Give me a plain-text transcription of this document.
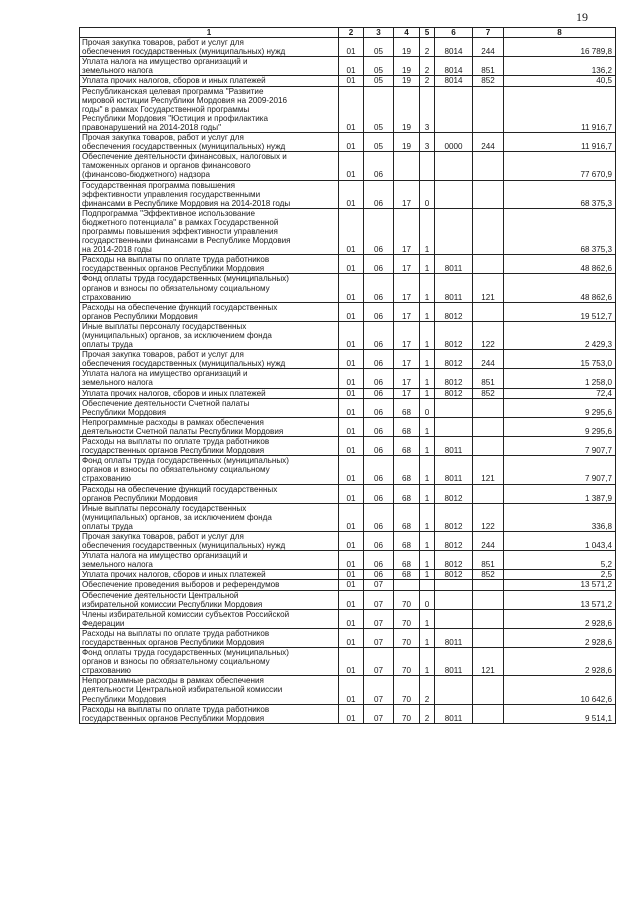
19
1	2	3	4	5	6	7	8
Прочая закупка товаров, работ и услуг для
обеспечения государственных (муниципальных) нужд	01	05	19	2	8014	244	16 789,8
Уплата налога на имущество организаций и
земельного налога	01	05	19	2	8014	851	136,2
Уплата прочих налогов, сборов и иных платежей	01	05	19	2	8014	852	40,5
Республиканская целевая программа "Развитие
мировой юстиции Республики Мордовия на 2009-2016
годы" в рамках Государственной программы
Республики Мордовия "Юстиция и профилактика
правонарушений на 2014-2018 годы"	01	05	19	3			11 916,7
Прочая закупка товаров, работ и услуг для
обеспечения государственных (муниципальных) нужд	01	05	19	3	0000	244	11 916,7
Обеспечение деятельности финансовых, налоговых и
таможенных органов и органов финансового
(финансово-бюджетного) надзора	01	06					77 670,9
Государственная программа повышения
эффективности управления государственными
финансами в Республике Мордовия на 2014-2018 годы	01	06	17	0			68 375,3
Подпрограмма "Эффективное использование
бюджетного потенциала" в рамках Государственной
программы повышения эффективности управления
государственными финансами в Республике Мордовия
на 2014-2018 годы	01	06	17	1			68 375,3
Расходы на выплаты по оплате труда работников
государственных органов Республики Мордовия	01	06	17	1	8011		48 862,6
Фонд оплаты труда государственных (муниципальных)
органов и взносы по обязательному социальному
страхованию	01	06	17	1	8011	121	48 862,6
Расходы на обеспечение функций государственных
органов Республики Мордовия	01	06	17	1	8012		19 512,7
Иные выплаты персоналу государственных
(муниципальных) органов, за исключением фонда
оплаты труда	01	06	17	1	8012	122	2 429,3
Прочая закупка товаров, работ и услуг для
обеспечения государственных (муниципальных) нужд	01	06	17	1	8012	244	15 753,0
Уплата налога на имущество организаций и
земельного налога	01	06	17	1	8012	851	1 258,0
Уплата прочих налогов, сборов и иных платежей	01	06	17	1	8012	852	72,4
Обеспечение деятельности Счетной палаты
Республики Мордовия	01	06	68	0			9 295,6
Непрограммные расходы в рамках обеспечения
деятельности Счетной палаты Республики Мордовия	01	06	68	1			9 295,6
Расходы на выплаты по оплате труда работников
государственных органов Республики Мордовия	01	06	68	1	8011		7 907,7
Фонд оплаты труда государственных (муниципальных)
органов и взносы по обязательному социальному
страхованию	01	06	68	1	8011	121	7 907,7
Расходы на обеспечение функций государственных
органов Республики Мордовия	01	06	68	1	8012		1 387,9
Иные выплаты персоналу государственных
(муниципальных) органов, за исключением фонда
оплаты труда	01	06	68	1	8012	122	336,8
Прочая закупка товаров, работ и услуг для
обеспечения государственных (муниципальных) нужд	01	06	68	1	8012	244	1 043,4
Уплата налога на имущество организаций и
земельного налога	01	06	68	1	8012	851	5,2
Уплата прочих налогов, сборов и иных платежей	01	06	68	1	8012	852	2,5
Обеспечение проведения выборов и референдумов	01	07					13 571,2
Обеспечение деятельности Центральной
избирательной комиссии Республики Мордовия	01	07	70	0			13 571,2
Члены избирательной комиссии субъектов Российской
Федерации	01	07	70	1			2 928,6
Расходы на выплаты по оплате труда работников
государственных органов Республики Мордовия	01	07	70	1	8011		2 928,6
Фонд оплаты труда государственных (муниципальных)
органов и взносы по обязательному социальному
страхованию	01	07	70	1	8011	121	2 928,6
Непрограммные расходы в рамках обеспечения
деятельности Центральной избирательной комиссии
Республики Мордовия	01	07	70	2			10 642,6
Расходы на выплаты по оплате труда работников
государственных органов Республики Мордовия	01	07	70	2	8011		9 514,1
